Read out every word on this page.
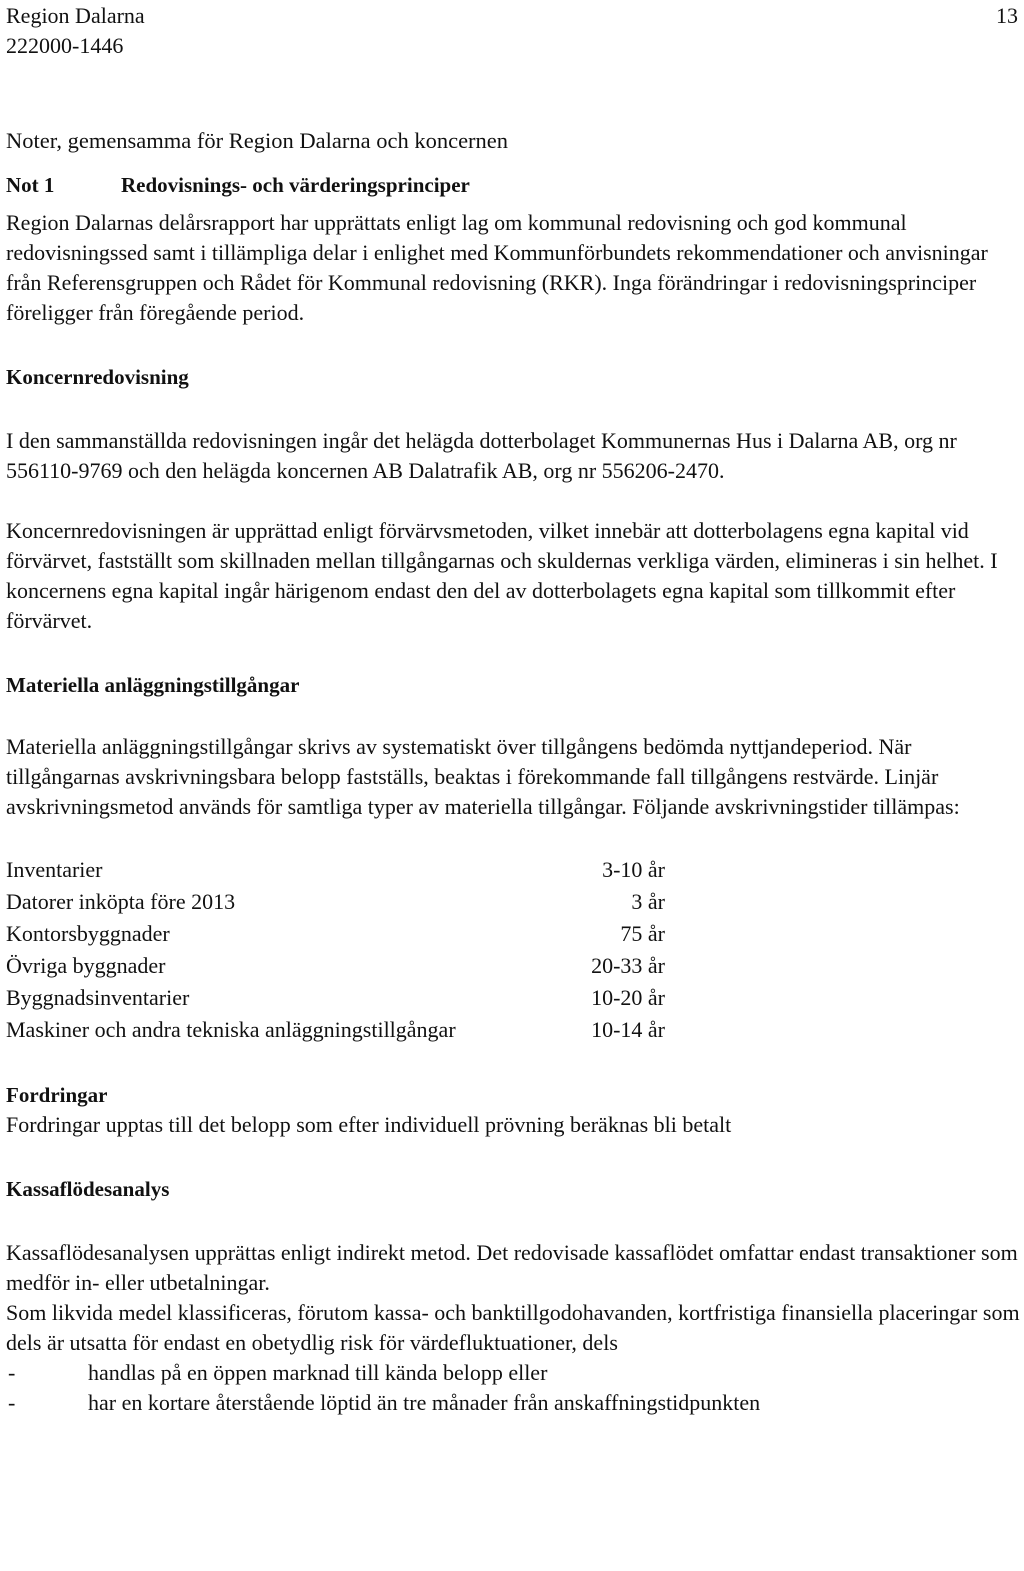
Region Dalarna
222000-1446
13

Noter, gemensamma för Region Dalarna och koncernen

Not 1	Redovisnings- och värderingsprinciper

Region Dalarnas delårsrapport har upprättats enligt lag om kommunal redovisning och god kommunal redovisningssed samt i tillämpliga delar i enlighet med Kommunförbundets rekommendationer och anvisningar från Referensgruppen och Rådet för Kommunal redovisning (RKR). Inga förändringar i redovisningsprinciper föreligger från föregående period.

Koncernredovisning

I den sammanställda redovisningen ingår det helägda dotterbolaget Kommunernas Hus i Dalarna AB, org nr 556110-9769 och den helägda koncernen AB Dalatrafik AB, org nr 556206-2470.

Koncernredovisningen är upprättad enligt förvärvsmetoden, vilket innebär att dotterbolagens egna kapital vid förvärvet, fastställt som skillnaden mellan tillgångarnas och skuldernas verkliga värden, elimineras i sin helhet. I koncernens egna kapital ingår härigenom endast den del av dotterbolagets egna kapital som tillkommit efter förvärvet.

Materiella anläggningstillgångar

Materiella anläggningstillgångar skrivs av systematiskt över tillgångens bedömda nyttjandeperiod. När tillgångarnas avskrivningsbara belopp fastställs, beaktas i förekommande fall tillgångens restvärde. Linjär avskrivningsmetod används för samtliga typer av materiella tillgångar. Följande avskrivningstider tillämpas:

Inventarier	3-10 år
Datorer inköpta före 2013	3 år
Kontorsbyggnader	75 år
Övriga byggnader	20-33 år
Byggnadsinventarier	10-20 år
Maskiner och andra tekniska anläggningstillgångar	10-14 år

Fordringar

Fordringar upptas till det belopp som efter individuell prövning beräknas bli betalt

Kassaflödesanalys

Kassaflödesanalysen upprättas enligt indirekt metod. Det redovisade kassaflödet omfattar endast transaktioner som medför in- eller utbetalningar.

Som likvida medel klassificeras, förutom kassa- och banktillgodohavanden, kortfristiga finansiella placeringar som dels är utsatta för endast en obetydlig risk för värdefluktuationer, dels

-	handlas på en öppen marknad till kända belopp eller
-	har en kortare återstående löptid än tre månader från anskaffningstidpunkten
